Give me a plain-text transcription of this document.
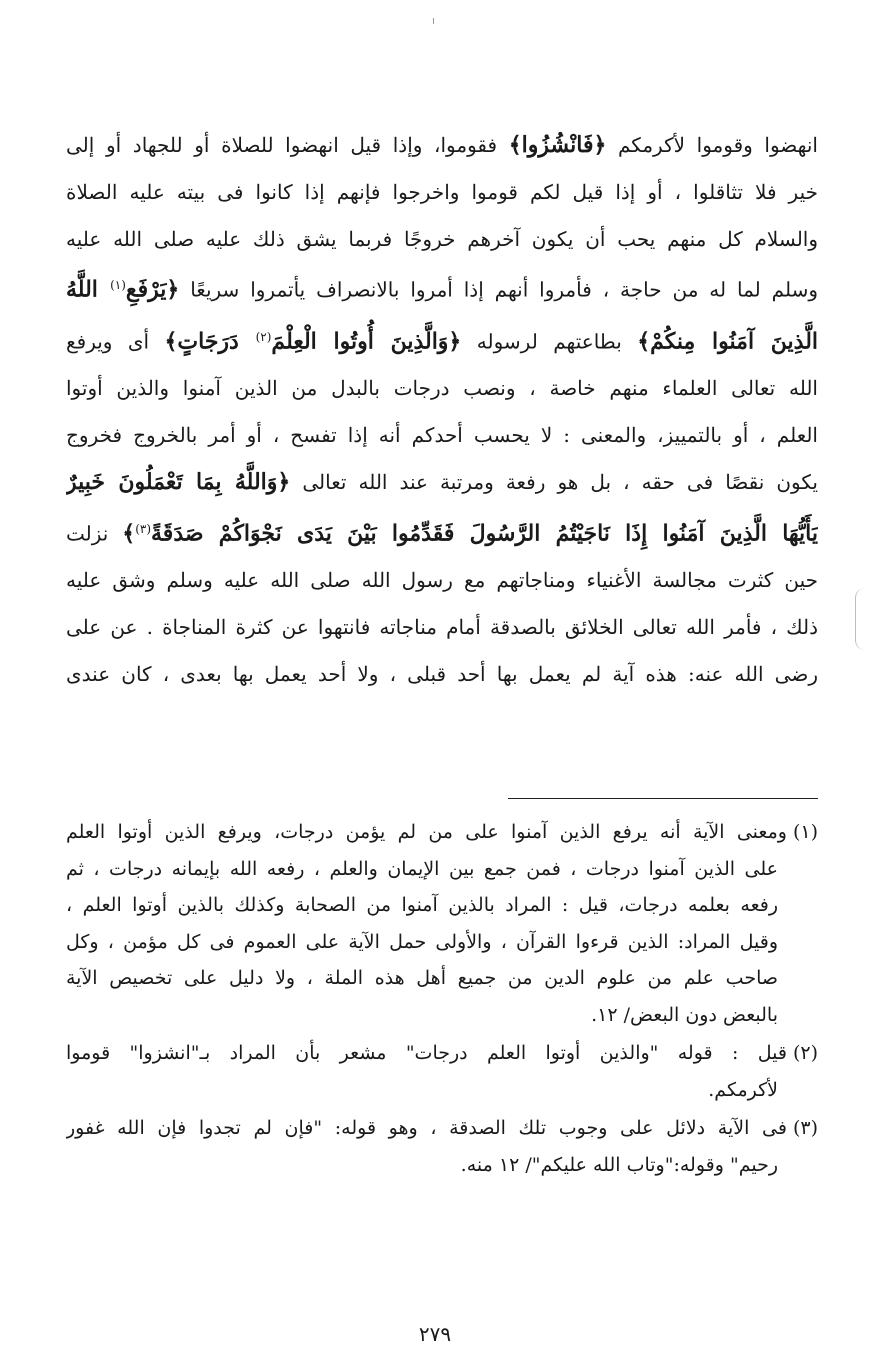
انهضوا وقوموا لأكرمكم ﴿فَانْشُزُوا﴾ فقوموا، وإذا قيل انهضوا للصلاة أو للجهاد أو إلى
خير فلا تثاقلوا ، أو إذا قيل لكم قوموا واخرجوا فإنهم إذا كانوا فى بيته عليه الصلاة
والسلام كل منهم يحب أن يكون آخرهم خروجًا فربما يشق ذلك عليه صلى الله عليه
وسلم لما له من حاجة ، فأمروا أنهم إذا أمروا بالانصراف يأتمروا سريعًا ﴿يَرْفَعِ$^{(١)}$ اللَّهُ
الَّذِينَ آمَنُوا مِنكُمْ﴾ بطاعتهم لرسوله ﴿وَالَّذِينَ أُوتُوا الْعِلْمَ$^{(٢)}$ دَرَجَاتٍ﴾ أى ويرفع
الله تعالى العلماء منهم خاصة ، ونصب درجات بالبدل من الذين آمنوا والذين أوتوا
العلم ، أو بالتمييز، والمعنى : لا يحسب أحدكم أنه إذا تفسح ، أو أمر بالخروج فخروج
يكون نقصًا فى حقه ، بل هو رفعة ومرتبة عند الله تعالى ﴿وَاللَّهُ بِمَا تَعْمَلُونَ خَبِيرٌ
يَأَيُّهَا الَّذِينَ آمَنُوا إِذَا نَاجَيْتُمُ الرَّسُولَ فَقَدِّمُوا بَيْنَ يَدَى نَجْوَاكُمْ صَدَقَةً$^{(٣)}$﴾ نزلت
حين كثرت مجالسة الأغنياء ومناجاتهم مع رسول الله صلى الله عليه وسلم وشق عليه
ذلك ، فأمر الله تعالى الخلائق بالصدقة أمام مناجاته فانتهوا عن كثرة المناجاة . عن على
رضى الله عنه: هذه آية لم يعمل بها أحد قبلى ، ولا أحد يعمل بها بعدى ، كان عندى
(١)ومعنى الآية أنه يرفع الذين آمنوا على من لم يؤمن درجات، ويرفع الذين أوتوا العلم
على الذين آمنوا درجات ، فمن جمع بين الإيمان والعلم ، رفعه الله بإيمانه درجات ، ثم
رفعه بعلمه درجات، قيل : المراد بالذين آمنوا من الصحابة وكذلك بالذين أوتوا العلم ،
وقيل المراد: الذين قرءوا القرآن ، والأولى حمل الآية على العموم فى كل مؤمن ، وكل
صاحب علم من علوم الدين من جميع أهل هذه الملة ، ولا دليل على تخصيص الآية
بالبعض دون البعض/ ١٢.
(٢)قيل : قوله "والذين أوتوا العلم درجات" مشعر بأن المراد بـ"انشزوا" قوموا
لأكرمكم.
(٣)فى الآية دلائل على وجوب تلك الصدقة ، وهو قوله: "فإن لم تجدوا فإن الله غفور
رحيم" وقوله:"وتاب الله عليكم"/ ١٢ منه.
٢٧٩
